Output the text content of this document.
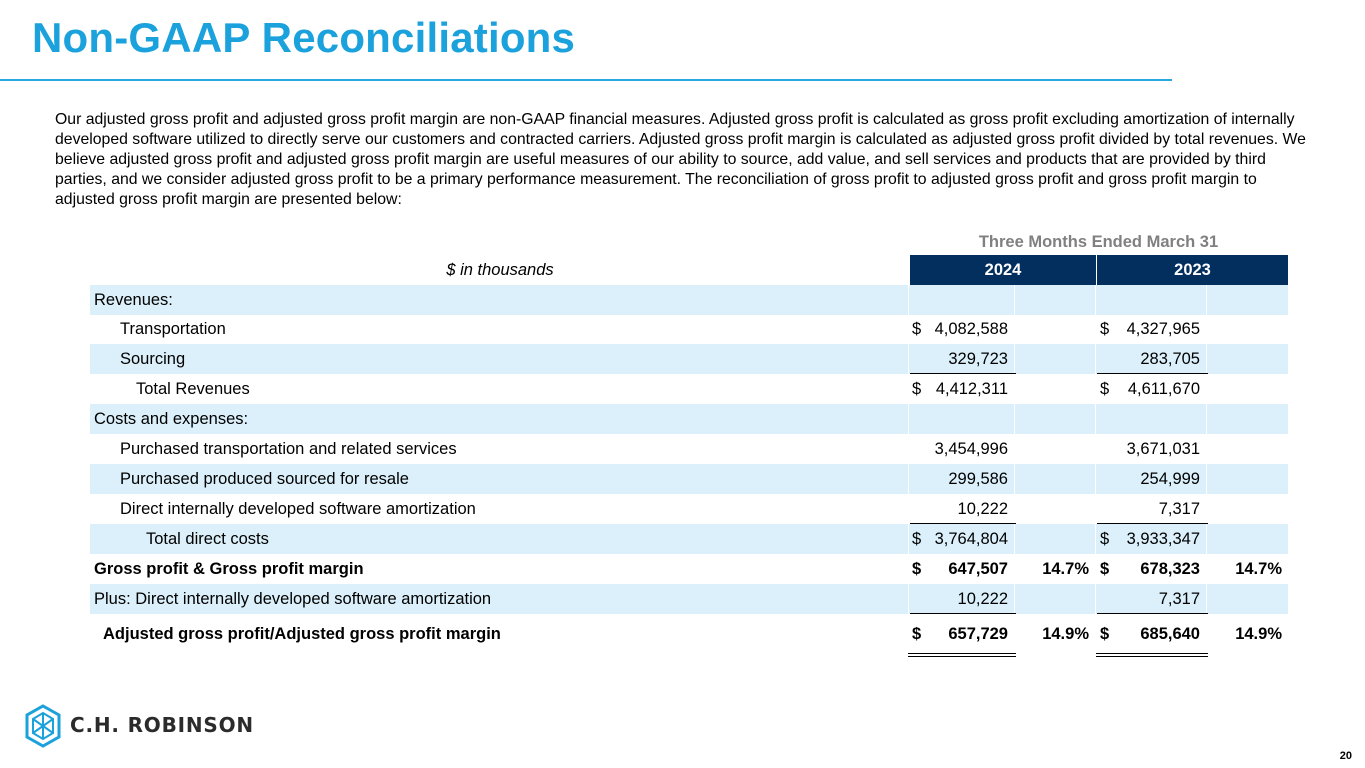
Non-GAAP Reconciliations
Our adjusted gross profit and adjusted gross profit margin are non-GAAP financial measures. Adjusted gross profit is calculated as gross profit excluding amortization of internally developed software utilized to directly serve our customers and contracted carriers. Adjusted gross profit margin is calculated as adjusted gross profit divided by total revenues. We believe adjusted gross profit and adjusted gross profit margin are useful measures of our ability to source, add value, and sell services and products that are provided by third parties, and we consider adjusted gross profit to be a primary performance measurement. The reconciliation of gross profit to adjusted gross profit and gross profit margin to adjusted gross profit margin are presented below:
Three Months Ended March 31
$ in thousands	2024	2023
Revenues:
Transportation	$ 4,082,588	$	4,327,965
Sourcing	329,723	283,705
Total Revenues	$ 4,412,311	$	4,611,670
Costs and expenses:
Purchased transportation and related services	3,454,996	3,671,031
Purchased produced sourced for resale	299,586	254,999
Direct internally developed software amortization	10,222	7,317
Total direct costs	$ 3,764,804	$	3,933,347
Gross profit & Gross profit margin	$	647,507	14.7% $	678,323	14.7%
Plus: Direct internally developed software amortization	10,222	7,317
Adjusted gross profit/Adjusted gross profit margin	$	657,729	14.9% $	685,640	14.9%
C.H. ROBINSON
20
